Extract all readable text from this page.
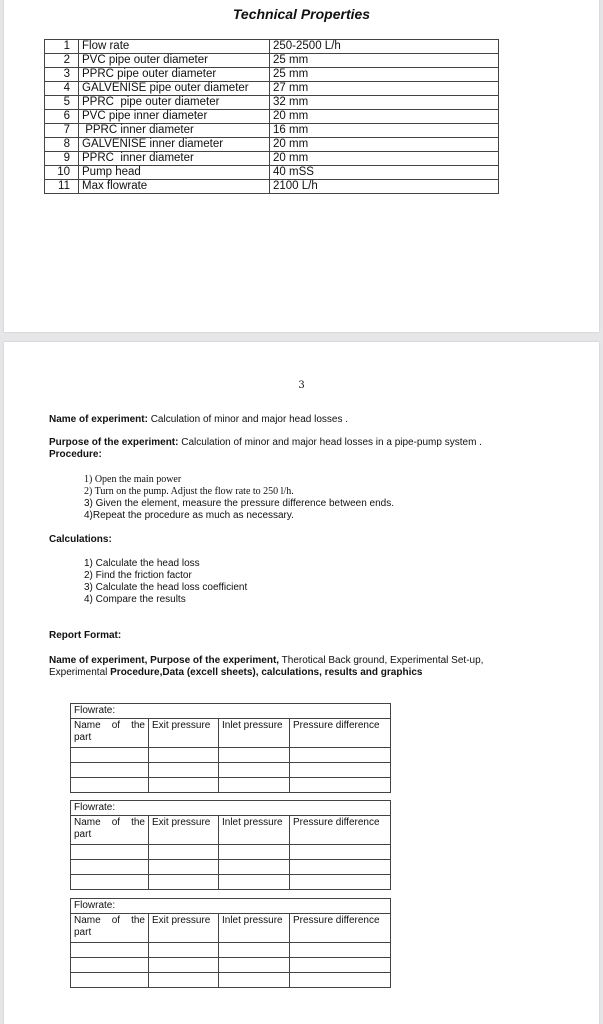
Technical Properties
1	Flow rate	250-2500 L/h
2	PVC pipe outer diameter	25 mm
3	PPRC pipe outer diameter	25 mm
4	GALVENISE pipe outer diameter	27 mm
5	PPRC  pipe outer diameter	32 mm
6	PVC pipe inner diameter	20 mm
7	PPRC inner diameter	16 mm
8	GALVENISE inner diameter	20 mm
9	PPRC  inner diameter	20 mm
10	Pump head	40 mSS
11	Max flowrate	2100 L/h
3
Name of experiment: Calculation of minor and major head losses .
Purpose of the experiment: Calculation of minor and major head losses in a pipe-pump system .
Procedure:
1) Open the main power
2) Turn on the pump. Adjust the flow rate to 250 l/h.
3) Given the element, measure the pressure difference between ends.
4)Repeat the procedure as much as necessary.
Calculations:
1) Calculate the head loss
2) Find the friction factor
3) Calculate the head loss coefficient
4) Compare the results
Report Format:
Name of experiment, Purpose of the experiment, Therotical Back ground, Experimental Set-up,
Experimental Procedure,Data (excell sheets), calculations, results and graphics
Flowrate:			
Name of the part	Exit pressure	Inlet pressure	Pressure difference

Flowrate:			
Name of the part	Exit pressure	Inlet pressure	Pressure difference

Flowrate:			
Name of the part	Exit pressure	Inlet pressure	Pressure difference
